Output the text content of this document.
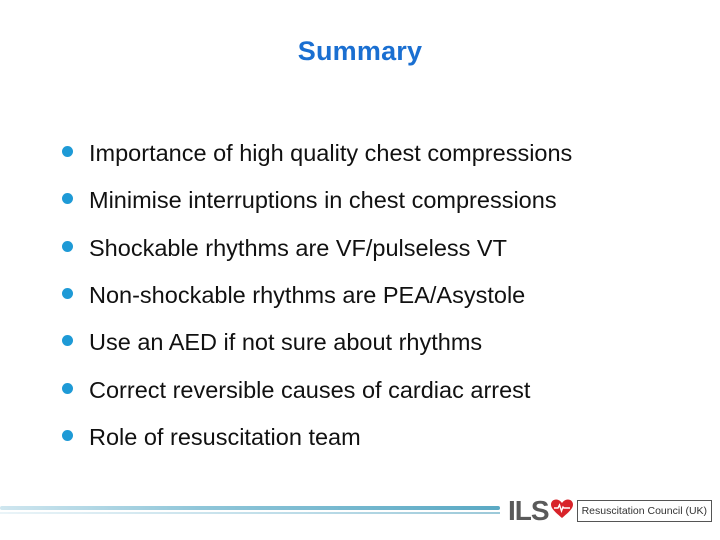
Summary
Importance of high quality chest compressions
Minimise interruptions in chest compressions
Shockable rhythms are VF/pulseless VT
Non-shockable rhythms are PEA/Asystole
Use an AED if not sure about rhythms
Correct reversible causes of cardiac arrest
Role of resuscitation team
ILS	Resuscitation Council (UK)
